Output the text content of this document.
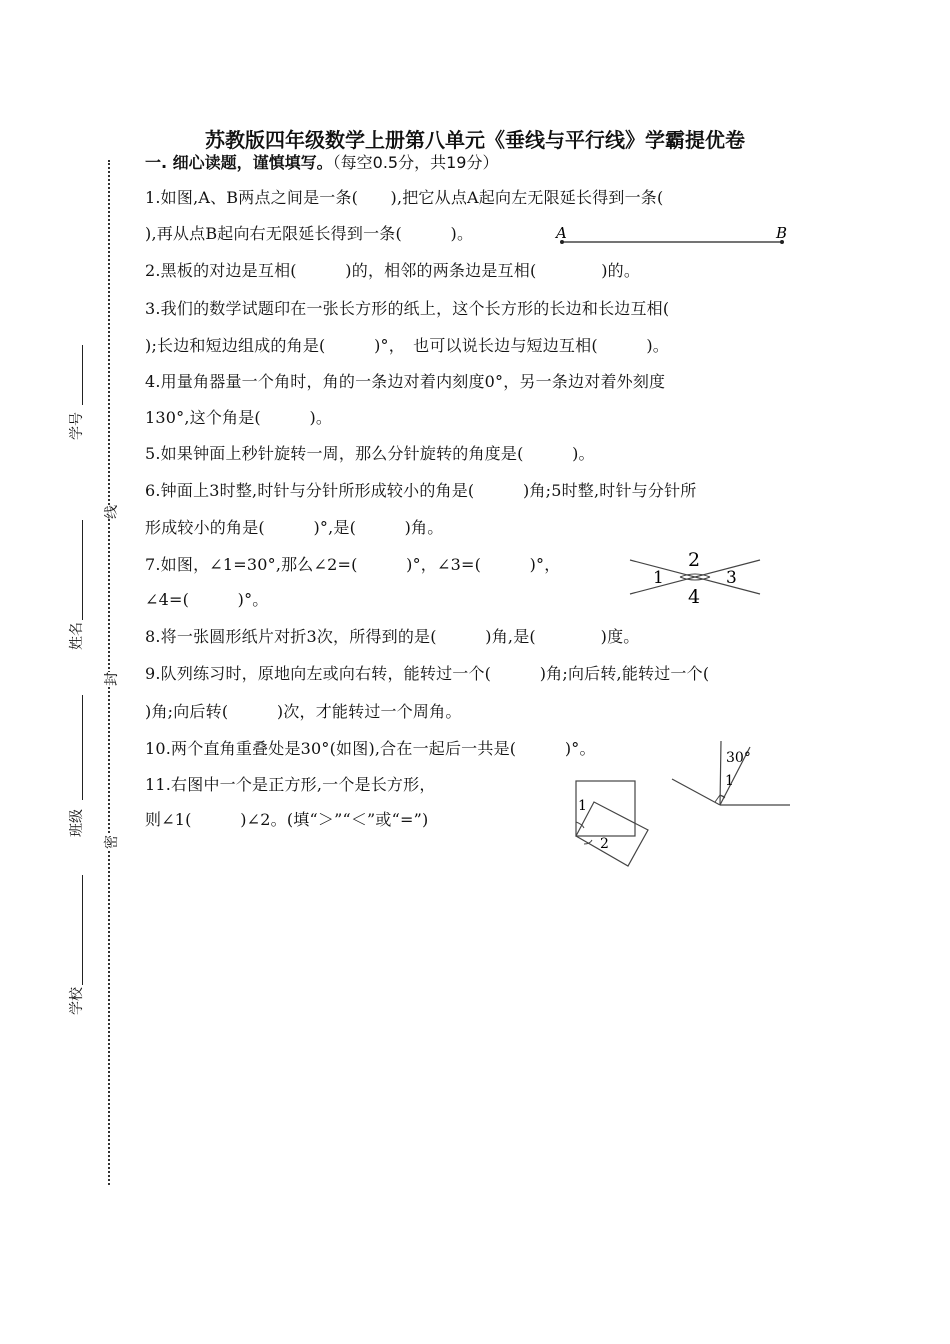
苏教版四年级数学上册第八单元《垂线与平行线》学霸提优卷
一. 细心读题，谨慎填写。（每空0.5分，共19分）
1.如图,A、B两点之间是一条(　　),把它从点A起向左无限延长得到一条(
),再从点B起向右无限延长得到一条(　　　)。
2.黑板的对边是互相(　　　)的，相邻的两条边是互相(　　　　)的。
3.我们的数学试题印在一张长方形的纸上，这个长方形的长边和长边互相(
);长边和短边组成的角是(　　　)°，　也可以说长边与短边互相(　　　)。
4.用量角器量一个角时，角的一条边对着内刻度0°，另一条边对着外刻度
130°,这个角是(　　　)。
5.如果钟面上秒针旋转一周，那么分针旋转的角度是(　　　)。
6.钟面上3时整,时针与分针所形成较小的角是(　　　)角;5时整,时针与分针所
形成较小的角是(　　　)°,是(　　　)角。
7.如图，∠1=30°,那么∠2=(　　　)°，∠3=(　　　)°，
∠4=(　　　)°。
8.将一张圆形纸片对折3次，所得到的是(　　　)角,是(　　　　)度。
9.队列练习时，原地向左或向右转，能转过一个(　　　)角;向后转,能转过一个(
)角;向后转(　　　)次，才能转过一个周角。
10.两个直角重叠处是30°(如图),合在一起后一共是(　　　)°。
11.右图中一个是正方形,一个是长方形，
则∠1(　　　)∠2。(填“＞”“＜”或“=”)
学号
姓名
班级
学校
线
封
密
A	B
1
2
3
4
30°
1
1
2
